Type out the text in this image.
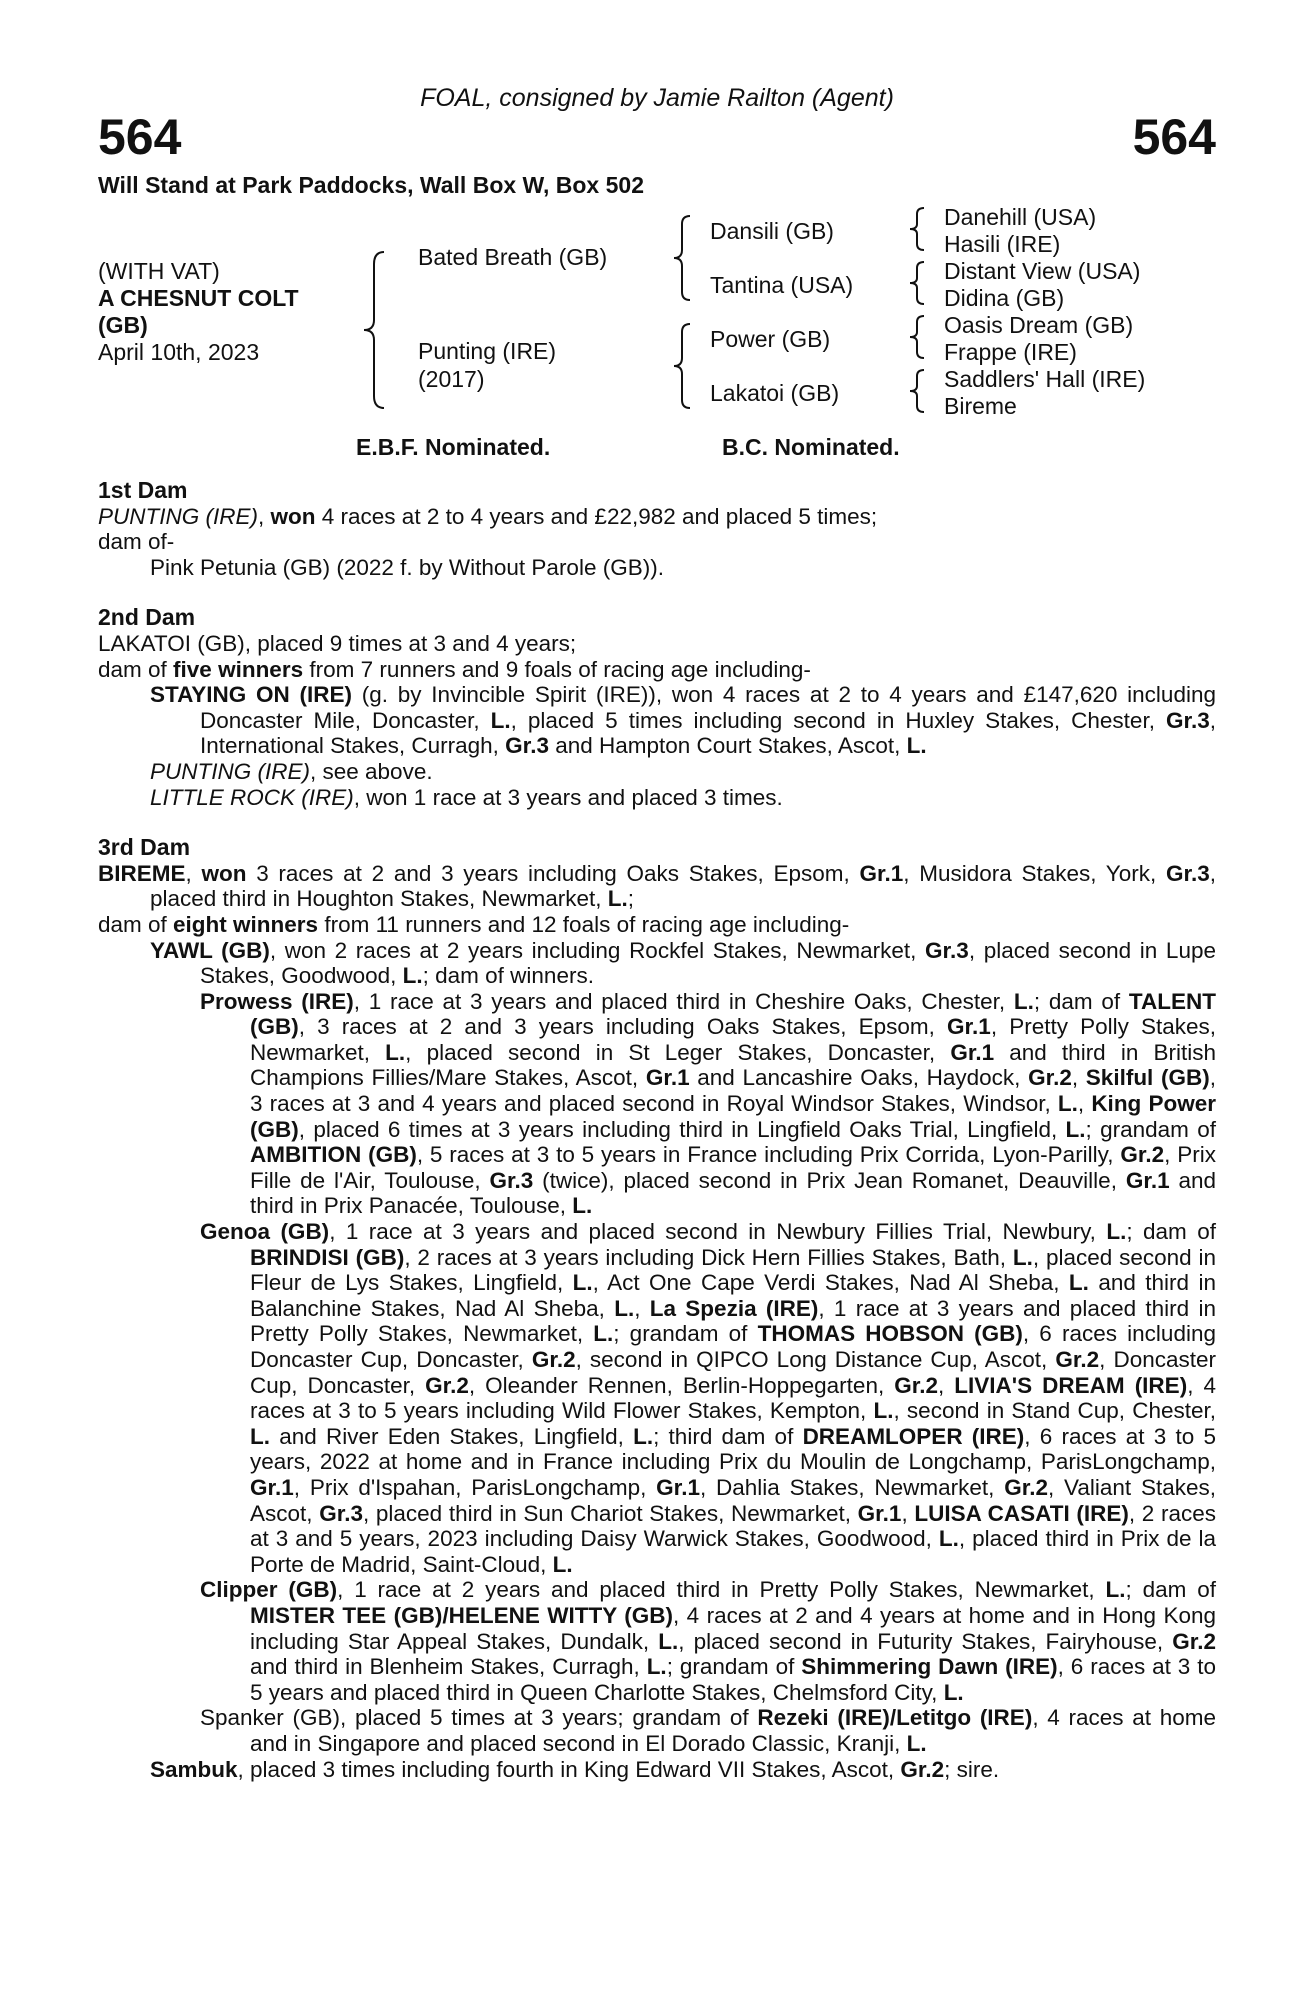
FOAL, consigned by Jamie Railton (Agent)
564	564
Will Stand at Park Paddocks, Wall Box W, Box 502
(WITH VAT)
A CHESNUT COLT
(GB)
April 10th, 2023
Bated Breath (GB)
Punting (IRE)
(2017)
Dansili (GB)
Tantina (USA)
Power (GB)
Lakatoi (GB)
Danehill (USA)
Hasili (IRE)
Distant View (USA)
Didina (GB)
Oasis Dream (GB)
Frappe (IRE)
Saddlers' Hall (IRE)
Bireme
E.B.F. Nominated.	B.C. Nominated.
1st Dam

PUNTING (IRE), won 4 races at 2 to 4 years and £22,982 and placed 5 times;

dam of-

Pink Petunia (GB) (2022 f. by Without Parole (GB)).

2nd Dam

LAKATOI (GB), placed 9 times at 3 and 4 years;

dam of five winners from 7 runners and 9 foals of racing age including-

STAYING ON (IRE) (g. by Invincible Spirit (IRE)), won 4 races at 2 to 4 years and £147,620 including Doncaster Mile, Doncaster, L., placed 5 times including second in Huxley Stakes, Chester, Gr.3, International Stakes, Curragh, Gr.3 and Hampton Court Stakes, Ascot, L.

PUNTING (IRE), see above.

LITTLE ROCK (IRE), won 1 race at 3 years and placed 3 times.

3rd Dam

BIREME, won 3 races at 2 and 3 years including Oaks Stakes, Epsom, Gr.1, Musidora Stakes, York, Gr.3, placed third in Houghton Stakes, Newmarket, L.;

dam of eight winners from 11 runners and 12 foals of racing age including-

YAWL (GB), won 2 races at 2 years including Rockfel Stakes, Newmarket, Gr.3, placed second in Lupe Stakes, Goodwood, L.; dam of winners.

Prowess (IRE), 1 race at 3 years and placed third in Cheshire Oaks, Chester, L.; dam of TALENT (GB), 3 races at 2 and 3 years including Oaks Stakes, Epsom, Gr.1, Pretty Polly Stakes, Newmarket, L., placed second in St Leger Stakes, Doncaster, Gr.1 and third in British Champions Fillies/Mare Stakes, Ascot, Gr.1 and Lancashire Oaks, Haydock, Gr.2, Skilful (GB), 3 races at 3 and 4 years and placed second in Royal Windsor Stakes, Windsor, L., King Power (GB), placed 6 times at 3 years including third in Lingfield Oaks Trial, Lingfield, L.; grandam of AMBITION (GB), 5 races at 3 to 5 years in France including Prix Corrida, Lyon-Parilly, Gr.2, Prix Fille de l'Air, Toulouse, Gr.3 (twice), placed second in Prix Jean Romanet, Deauville, Gr.1 and third in Prix Panacée, Toulouse, L.

Genoa (GB), 1 race at 3 years and placed second in Newbury Fillies Trial, Newbury, L.; dam of BRINDISI (GB), 2 races at 3 years including Dick Hern Fillies Stakes, Bath, L., placed second in Fleur de Lys Stakes, Lingfield, L., Act One Cape Verdi Stakes, Nad Al Sheba, L. and third in Balanchine Stakes, Nad Al Sheba, L., La Spezia (IRE), 1 race at 3 years and placed third in Pretty Polly Stakes, Newmarket, L.; grandam of THOMAS HOBSON (GB), 6 races including Doncaster Cup, Doncaster, Gr.2, second in QIPCO Long Distance Cup, Ascot, Gr.2, Doncaster Cup, Doncaster, Gr.2, Oleander Rennen, Berlin-Hoppegarten, Gr.2, LIVIA'S DREAM (IRE), 4 races at 3 to 5 years including Wild Flower Stakes, Kempton, L., second in Stand Cup, Chester, L. and River Eden Stakes, Lingfield, L.; third dam of DREAMLOPER (IRE), 6 races at 3 to 5 years, 2022 at home and in France including Prix du Moulin de Longchamp, ParisLongchamp, Gr.1, Prix d'Ispahan, ParisLongchamp, Gr.1, Dahlia Stakes, Newmarket, Gr.2, Valiant Stakes, Ascot, Gr.3, placed third in Sun Chariot Stakes, Newmarket, Gr.1, LUISA CASATI (IRE), 2 races at 3 and 5 years, 2023 including Daisy Warwick Stakes, Goodwood, L., placed third in Prix de la Porte de Madrid, Saint-Cloud, L.

Clipper (GB), 1 race at 2 years and placed third in Pretty Polly Stakes, Newmarket, L.; dam of MISTER TEE (GB)/HELENE WITTY (GB), 4 races at 2 and 4 years at home and in Hong Kong including Star Appeal Stakes, Dundalk, L., placed second in Futurity Stakes, Fairyhouse, Gr.2 and third in Blenheim Stakes, Curragh, L.; grandam of Shimmering Dawn (IRE), 6 races at 3 to 5 years and placed third in Queen Charlotte Stakes, Chelmsford City, L.

Spanker (GB), placed 5 times at 3 years; grandam of Rezeki (IRE)/Letitgo (IRE), 4 races at home and in Singapore and placed second in El Dorado Classic, Kranji, L.

Sambuk, placed 3 times including fourth in King Edward VII Stakes, Ascot, Gr.2; sire.
